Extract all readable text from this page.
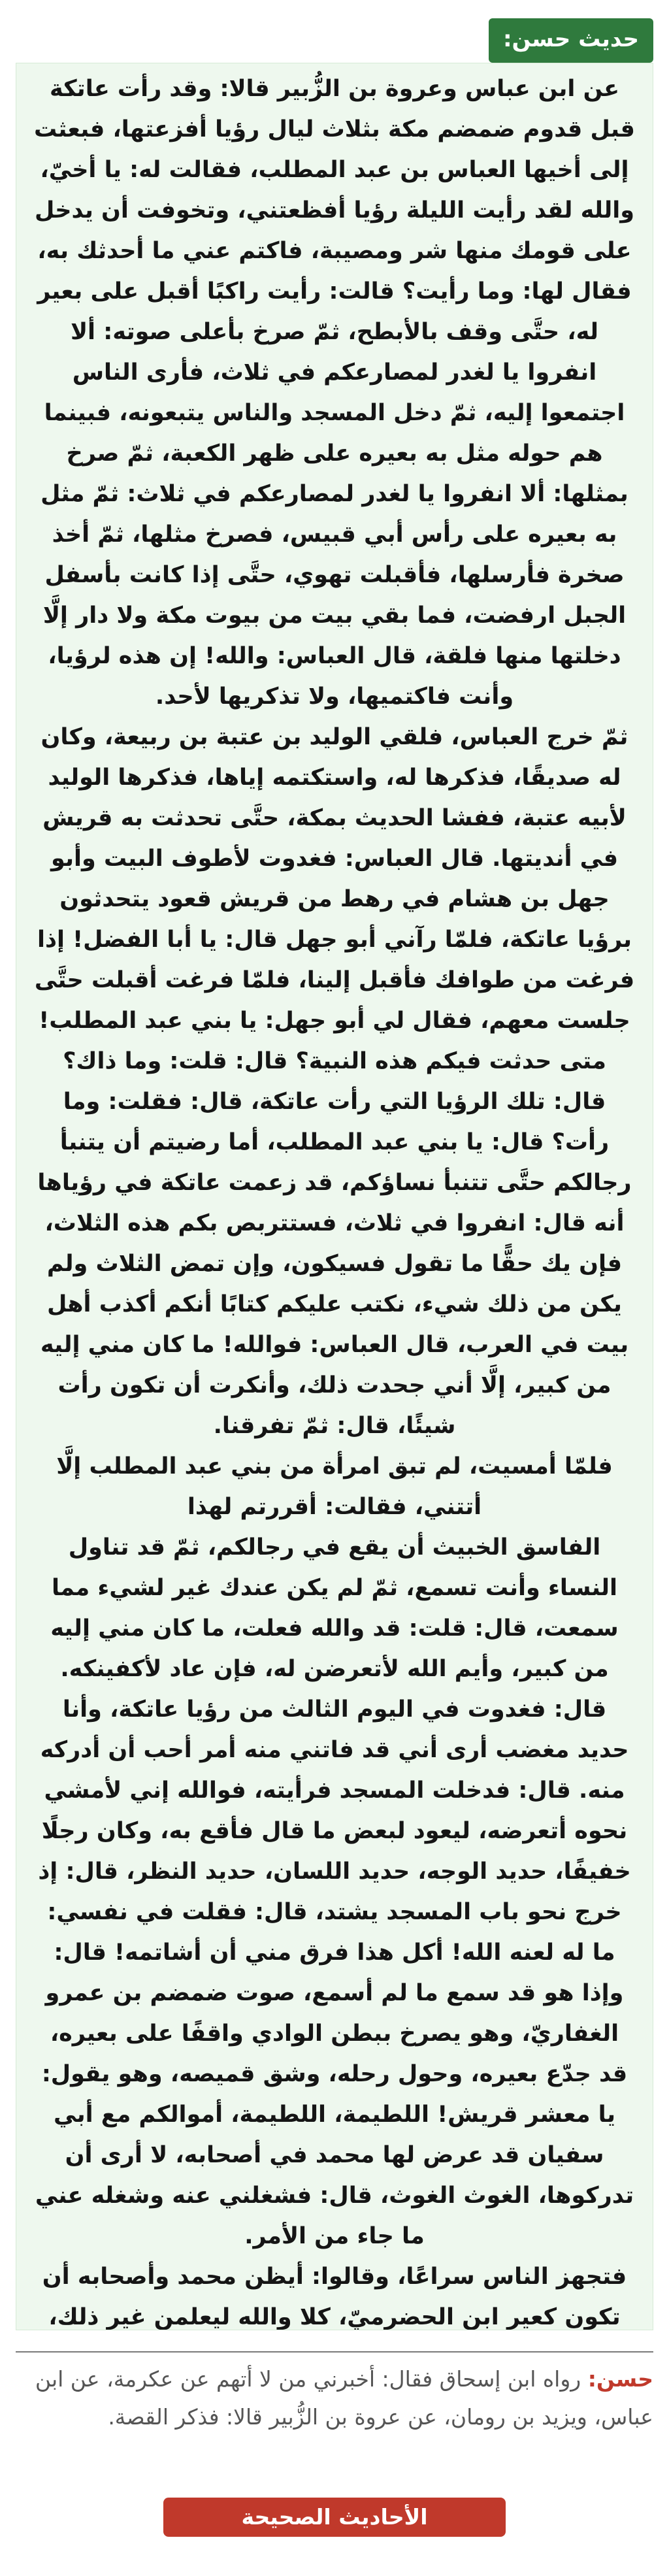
حديث حسن:

عن ابن عباس وعروة بن الزُّبير قالا: وقد رأت عاتكة قبل قدوم ضمضم مكة بثلاث ليال رؤيا أفزعتها، فبعثت إلى أخيها العباس بن عبد المطلب، فقالت له: يا أخيّ، والله لقد رأيت الليلة رؤيا أفظعتني، وتخوفت أن يدخل على قومك منها شر ومصيبة، فاكتم عني ما أحدثك به، فقال لها: وما رأيت؟ قالت: رأيت راكبًا أقبل على بعير له، حتَّى وقف بالأبطح، ثمّ صرخ بأعلى صوته: ألا انفروا يا لغدر لمصارعكم في ثلاث، فأرى الناس اجتمعوا إليه، ثمّ دخل المسجد والناس يتبعونه، فبينما هم حوله مثل به بعيره على ظهر الكعبة، ثمّ صرخ بمثلها: ألا انفروا يا لغدر لمصارعكم في ثلاث: ثمّ مثل به بعيره على رأس أبي قبيس، فصرخ مثلها، ثمّ أخذ صخرة فأرسلها، فأقبلت تهوي، حتَّى إذا كانت بأسفل الجبل ارفضت، فما بقي بيت من بيوت مكة ولا دار إلَّا دخلتها منها فلقة، قال العباس: والله! إن هذه لرؤيا، وأنت فاكتميها، ولا تذكريها لأحد.

ثمّ خرج العباس، فلقي الوليد بن عتبة بن ربيعة، وكان له صديقًا، فذكرها له، واستكتمه إياها، فذكرها الوليد لأبيه عتبة، ففشا الحديث بمكة، حتَّى تحدثت به قريش في أنديتها. قال العباس: فغدوت لأطوف البيت وأبو جهل بن هشام في رهط من قريش قعود يتحدثون برؤيا عاتكة، فلمّا رآني أبو جهل قال: يا أبا الفضل! إذا فرغت من طوافك فأقبل إلينا، فلمّا فرغت أقبلت حتَّى جلست معهم، فقال لي أبو جهل: يا بني عبد المطلب! متى حدثت فيكم هذه النبية؟ قال: قلت: وما ذاك؟ قال: تلك الرؤيا التي رأت عاتكة، قال: فقلت: وما رأت؟ قال: يا بني عبد المطلب، أما رضيتم أن يتنبأ رجالكم حتَّى تتنبأ نساؤكم، قد زعمت عاتكة في رؤياها أنه قال: انفروا في ثلاث، فستتربص بكم هذه الثلاث، فإن يك حقًّا ما تقول فسيكون، وإن تمض الثلاث ولم يكن من ذلك شيء، نكتب عليكم كتابًا أنكم أكذب أهل بيت في العرب، قال العباس: فوالله! ما كان مني إليه من كبير، إلَّا أني جحدت ذلك، وأنكرت أن تكون رأت شيئًا، قال: ثمّ تفرقنا.

فلمّا أمسيت، لم تبق امرأة من بني عبد المطلب إلَّا أتتني، فقالت: أقررتم لهذا

الفاسق الخبيث أن يقع في رجالكم، ثمّ قد تناول النساء وأنت تسمع، ثمّ لم يكن عندك غير لشيء مما سمعت، قال: قلت: قد والله فعلت، ما كان مني إليه من كبير، وأيم الله لأتعرضن له، فإن عاد لأكفينكه.

قال: فغدوت في اليوم الثالث من رؤيا عاتكة، وأنا حديد مغضب أرى أني قد فاتني منه أمر أحب أن أدركه منه. قال: فدخلت المسجد فرأيته، فوالله إني لأمشي نحوه أتعرضه، ليعود لبعض ما قال فأقع به، وكان رجلًا خفيفًا، حديد الوجه، حديد اللسان، حديد النظر، قال: إذ خرج نحو باب المسجد يشتد، قال: فقلت في نفسي: ما له لعنه الله! أكل هذا فرق مني أن أشاتمه! قال: وإذا هو قد سمع ما لم أسمع، صوت ضمضم بن عمرو الغفاريّ، وهو يصرخ ببطن الوادي واقفًا على بعيره، قد جدّع بعيره، وحول رحله، وشق قميصه، وهو يقول: يا معشر قريش! اللطيمة، اللطيمة، أموالكم مع أبي سفيان قد عرض لها محمد في أصحابه، لا أرى أن تدركوها، الغوث الغوث، قال: فشغلني عنه وشغله عني ما جاء من الأمر.

فتجهز الناس سراعًا، وقالوا: أيظن محمد وأصحابه أن تكون كعير ابن الحضرميّ، كلا والله ليعلمن غير ذلك،

حسن: رواه ابن إسحاق فقال: أخبرني من لا أتهم عن عكرمة، عن ابن عباس، ويزيد بن رومان، عن عروة بن الزُّبير قالا: فذكر القصة.
الأحاديث الصحيحة Surahquran.com
